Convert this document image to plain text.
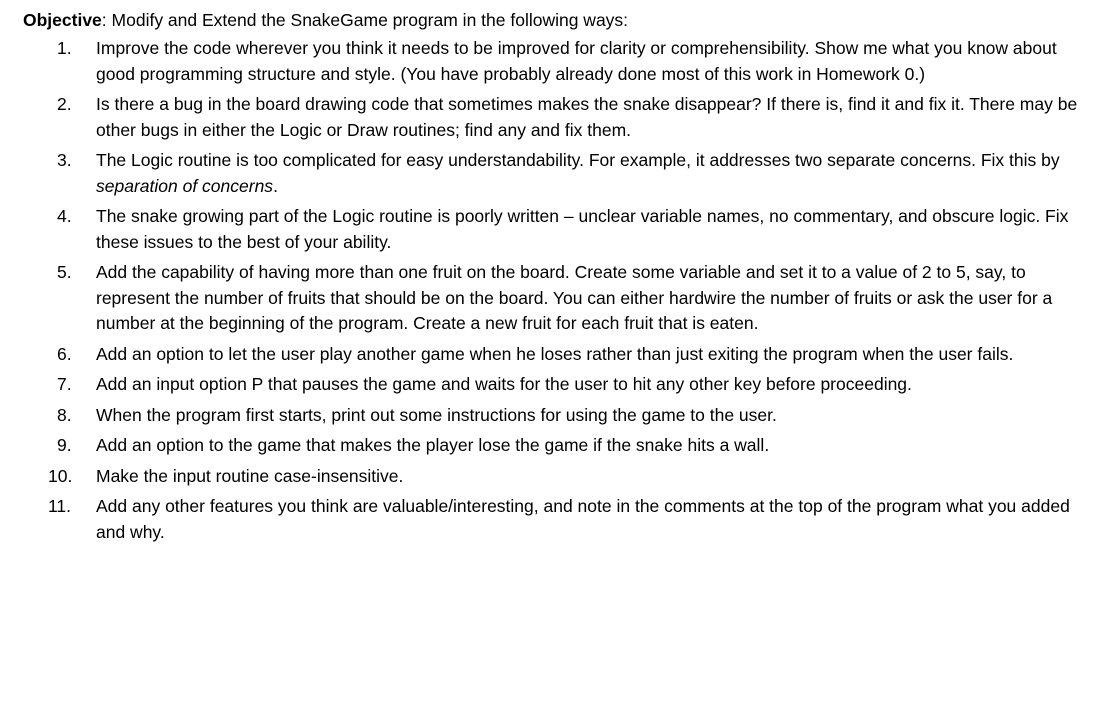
Objective: Modify and Extend the SnakeGame program in the following ways:

1.	Improve the code wherever you think it needs to be improved for clarity or comprehensibility. Show me what you know about good programming structure and style. (You have probably already done most of this work in Homework 0.)
2.	Is there a bug in the board drawing code that sometimes makes the snake disappear? If there is, find it and fix it. There may be other bugs in either the Logic or Draw routines; find any and fix them.
3.	The Logic routine is too complicated for easy understandability. For example, it addresses two separate concerns. Fix this by separation of concerns.
4.	The snake growing part of the Logic routine is poorly written – unclear variable names, no commentary, and obscure logic. Fix these issues to the best of your ability.
5.	Add the capability of having more than one fruit on the board. Create some variable and set it to a value of 2 to 5, say, to represent the number of fruits that should be on the board. You can either hardwire the number of fruits or ask the user for a number at the beginning of the program. Create a new fruit for each fruit that is eaten.
6.	Add an option to let the user play another game when he loses rather than just exiting the program when the user fails.
7.	Add an input option P that pauses the game and waits for the user to hit any other key before proceeding.
8.	When the program first starts, print out some instructions for using the game to the user.
9.	Add an option to the game that makes the player lose the game if the snake hits a wall.
10.	Make the input routine case-insensitive.
11.	Add any other features you think are valuable/interesting, and note in the comments at the top of the program what you added and why.
